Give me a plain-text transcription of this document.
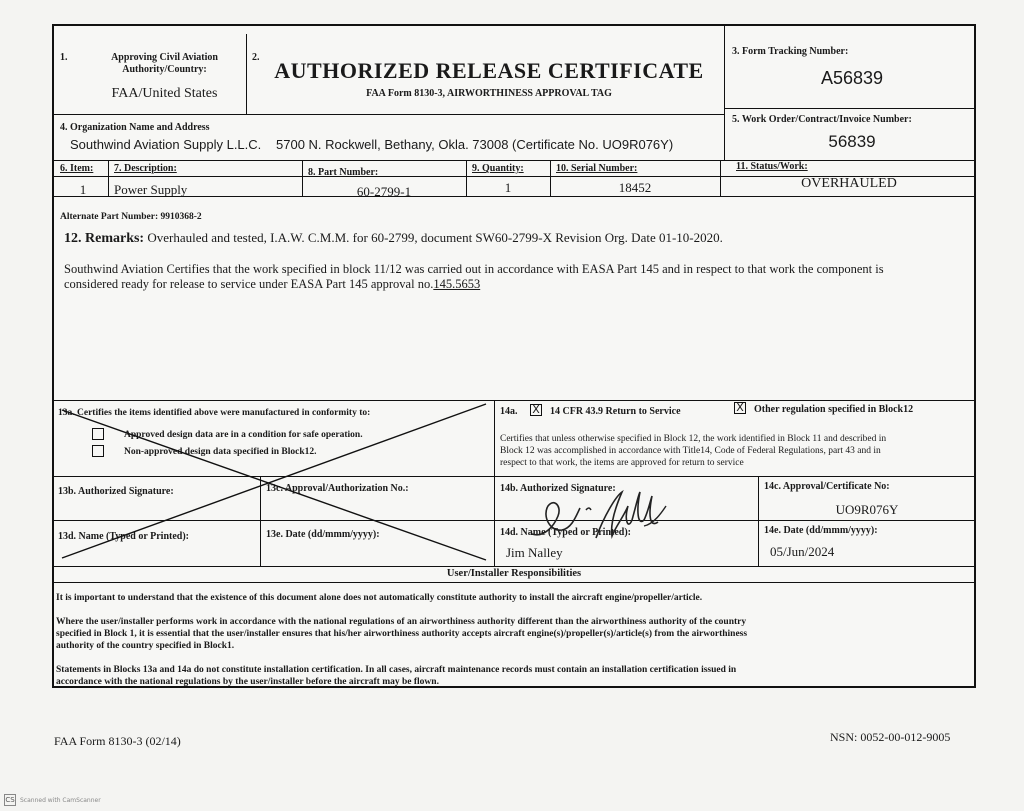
1.	Approving Civil Aviation
Authority/Country:
FAA/United States
2.
AUTHORIZED RELEASE CERTIFICATE
FAA Form 8130-3, AIRWORTHINESS APPROVAL TAG
3. Form Tracking Number:
A56839
4. Organization Name and Address
Southwind Aviation Supply L.L.C. 5700 N. Rockwell, Bethany, Okla. 73008 (Certificate No. UO9R076Y)
5. Work Order/Contract/Invoice Number:
56839
6. Item: 7. Description:	8. Part Number:	9. Quantity:	10. Serial Number:	11. Status/Work:
1	Power Supply	60-2799-1	1	18452	OVERHAULED
Alternate Part Number: 9910368-2
12. Remarks: Overhauled and tested, I.A.W. C.M.M. for 60-2799, document SW60-2799-X Revision Org. Date 01-10-2020.
Southwind Aviation Certifies that the work specified in block 11/12 was carried out in accordance with EASA Part 145 and in respect to that work the component is
considered ready for release to service under EASA Part 145 approval no.145.5653
13a. Certifies the items identified above were manufactured in conformity to:
Approved design data are in a condition for safe operation.
Non-approved design data specified in Block12.
14a. X 14 CFR 43.9 Return to Service	X Other regulation specified in Block12
Certifies that unless otherwise specified in Block 12, the work identified in Block 11 and described in
Block 12 was accomplished in accordance with Title14, Code of Federal Regulations, part 43 and in
respect to that work, the items are approved for return to service
13b. Authorized Signature:	13c. Approval/Authorization No.:	14b. Authorized Signature:	14c. Approval/Certificate No:
UO9R076Y
13d. Name (Typed or Printed):	13e. Date (dd/mmm/yyyy):	14d. Name (Typed or Printed):
Jim Nalley
14e. Date (dd/mmm/yyyy):
05/Jun/2024
User/Installer Responsibilities
It is important to understand that the existence of this document alone does not automatically constitute authority to install the aircraft engine/propeller/article.
Where the user/installer performs work in accordance with the national regulations of an airworthiness authority different than the airworthiness authority of the country
specified in Block 1, it is essential that the user/installer ensures that his/her airworthiness authority accepts aircraft engine(s)/propeller(s)/article(s) from the airworthiness
authority of the country specified in Block1.
Statements in Blocks 13a and 14a do not constitute installation certification. In all cases, aircraft maintenance records must contain an installation certification issued in
accordance with the national regulations by the user/installer before the aircraft may be flown.
FAA Form 8130-3 (02/14)	NSN: 0052-00-012-9005
CS Scanned with CamScanner
